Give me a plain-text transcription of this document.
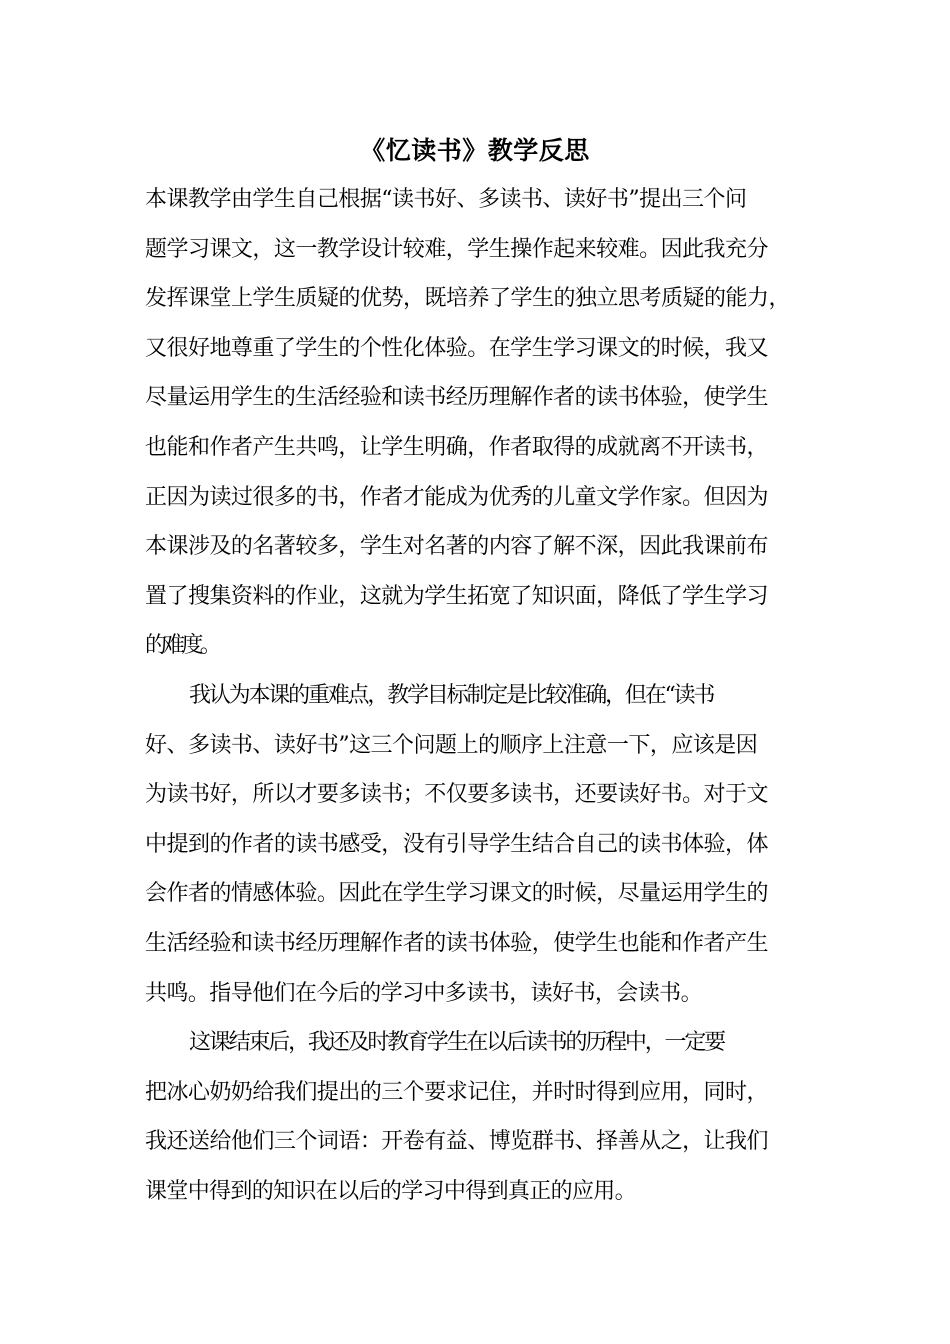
《忆读书》教学反思
本课教学由学生自己根据“读书好、多读书、读好书”提出三个问
题学习课文，这一教学设计较难，学生操作起来较难。因此我充分
发挥课堂上学生质疑的优势，既培养了学生的独立思考质疑的能力，
又很好地尊重了学生的个性化体验。在学生学习课文的时候，我又
尽量运用学生的生活经验和读书经历理解作者的读书体验，使学生
也能和作者产生共鸣，让学生明确，作者取得的成就离不开读书，
正因为读过很多的书，作者才能成为优秀的儿童文学作家。但因为
本课涉及的名著较多，学生对名著的内容了解不深，因此我课前布
置了搜集资料的作业，这就为学生拓宽了知识面，降低了学生学习
的难度。
我认为本课的重难点，教学目标制定是比较准确，但在“读书
好、多读书、读好书”这三个问题上的顺序上注意一下，应该是因
为读书好，所以才要多读书；不仅要多读书，还要读好书。对于文
中提到的作者的读书感受，没有引导学生结合自己的读书体验，体
会作者的情感体验。因此在学生学习课文的时候，尽量运用学生的
生活经验和读书经历理解作者的读书体验，使学生也能和作者产生
共鸣。指导他们在今后的学习中多读书，读好书，会读书。
这课结束后，我还及时教育学生在以后读书的历程中，一定要
把冰心奶奶给我们提出的三个要求记住，并时时得到应用，同时，
我还送给他们三个词语：开卷有益、博览群书、择善从之，让我们
课堂中得到的知识在以后的学习中得到真正的应用。
